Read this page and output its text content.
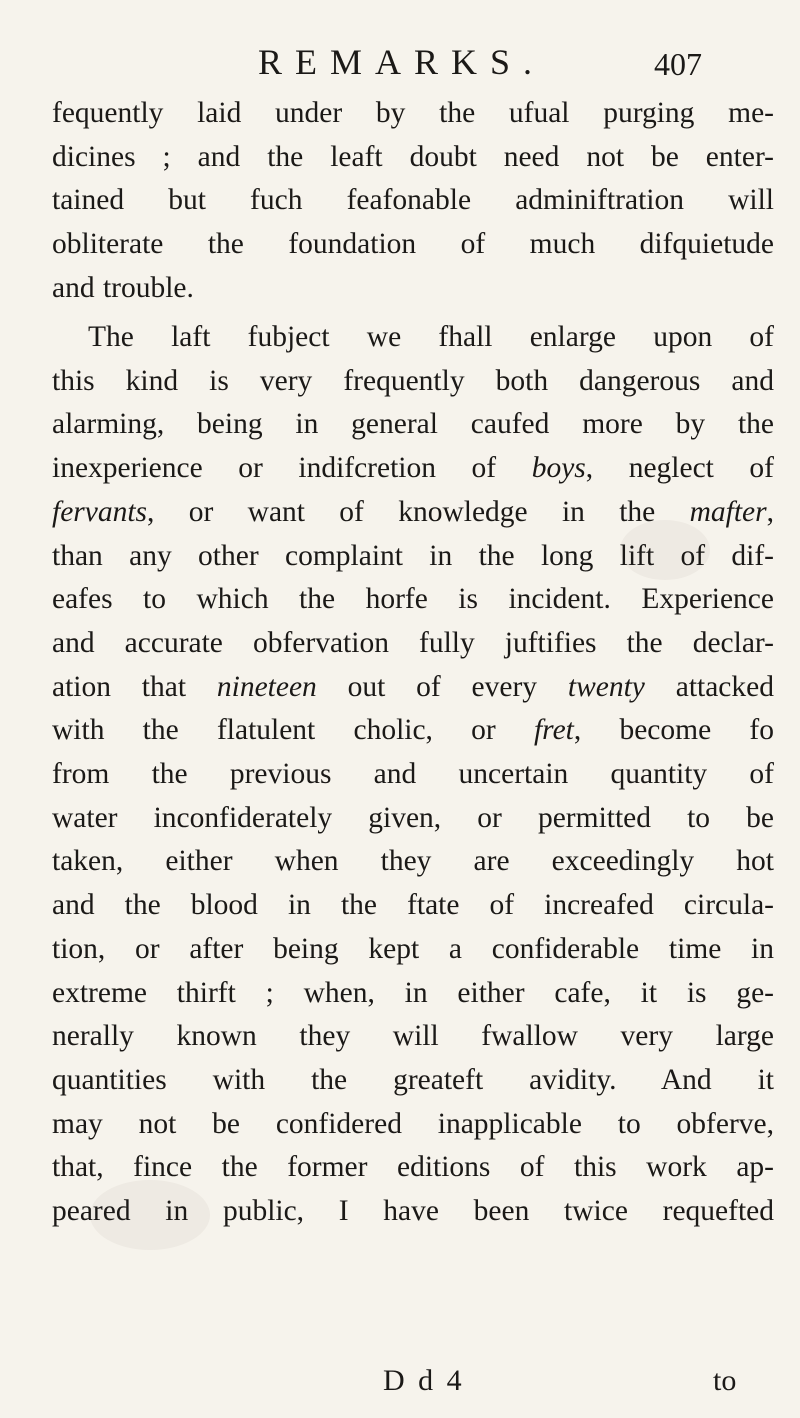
REMARKS.	407
fequently laid under by the ufual purging me-
dicines ; and the leaft doubt need not be enter-
tained but fuch feafonable adminiftration will
obliterate the foundation of much difquietude
and trouble.
The laft fubject we fhall enlarge upon of
this kind is very frequently both dangerous and
alarming, being in general caufed more by the
inexperience or indifcretion of boys, neglect of
fervants, or want of knowledge in the mafter,
than any other complaint in the long lift of dif-
eafes to which the horfe is incident. Experience
and accurate obfervation fully juftifies the declar-
ation that nineteen out of every twenty attacked
with the flatulent cholic, or fret, become fo
from the previous and uncertain quantity of
water inconfiderately given, or permitted to be
taken, either when they are exceedingly hot
and the blood in the ftate of increafed circula-
tion, or after being kept a confiderable time in
extreme thirft ; when, in either cafe, it is ge-
nerally known they will fwallow very large
quantities with the greateft avidity. And it
may not be confidered inapplicable to obferve,
that, fince the former editions of this work ap-
peared in public, I have been twice requefted
D d 4	to
